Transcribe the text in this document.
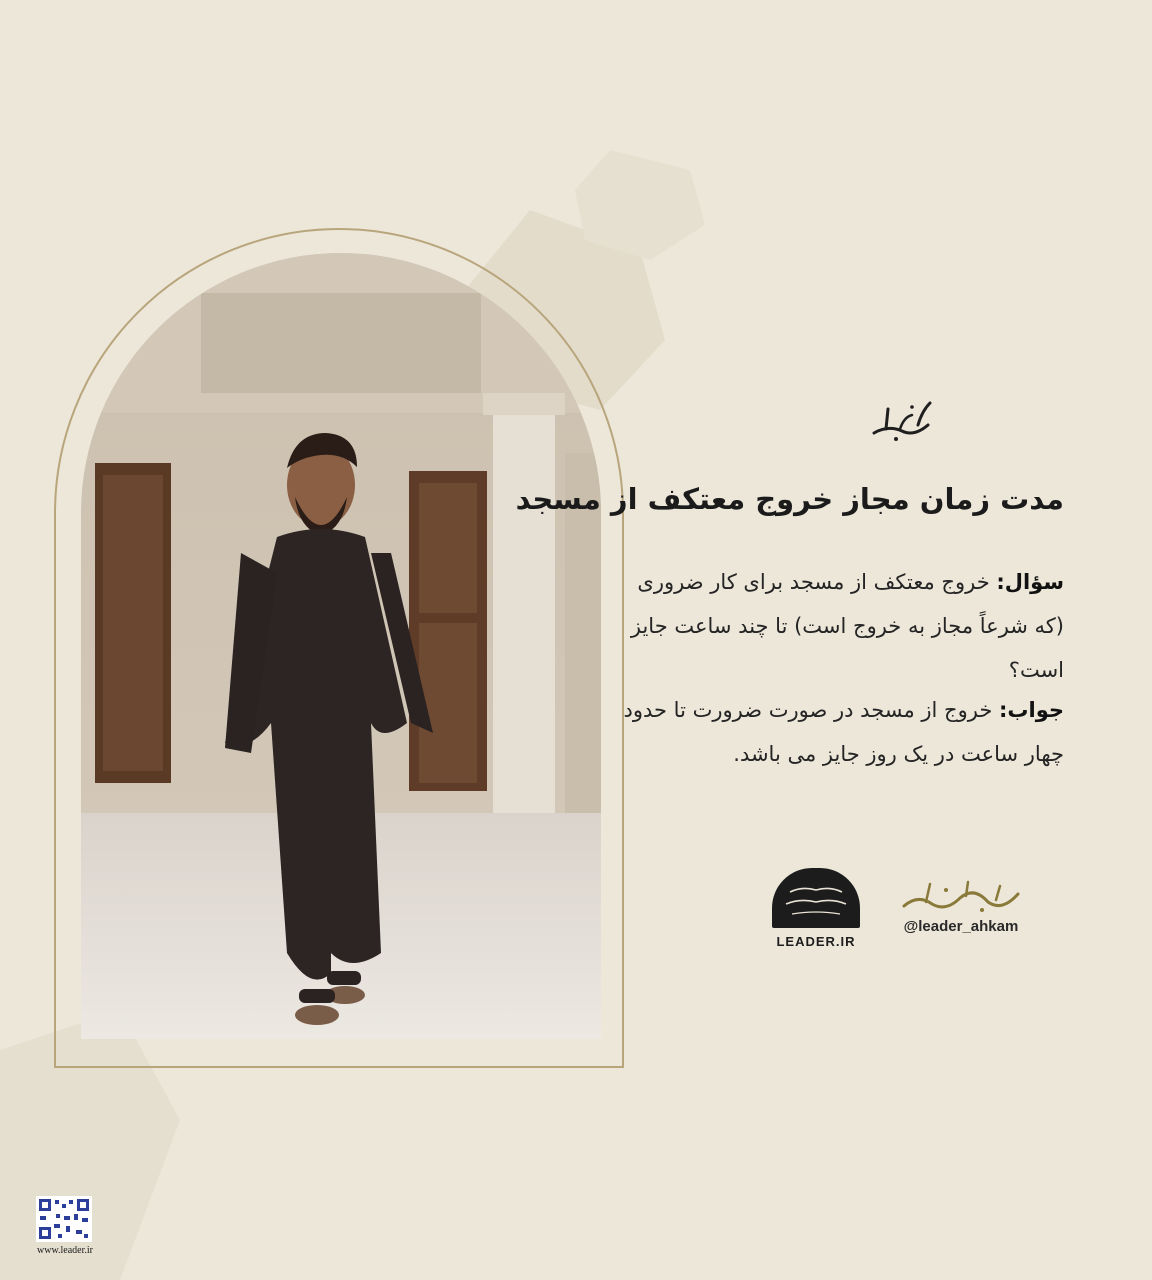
مدت زمان مجاز خروج معتکف از مسجد
سؤال: خروج معتکف از مسجد برای کار ضروری (که شرعاً مجاز به خروج است) تا چند ساعت جایز است؟
جواب: خروج از مسجد در صورت ضرورت تا حدود چهار ساعت در یک روز جایز می باشد.
LEADER.IR
@leader_ahkam
www.leader.ir
